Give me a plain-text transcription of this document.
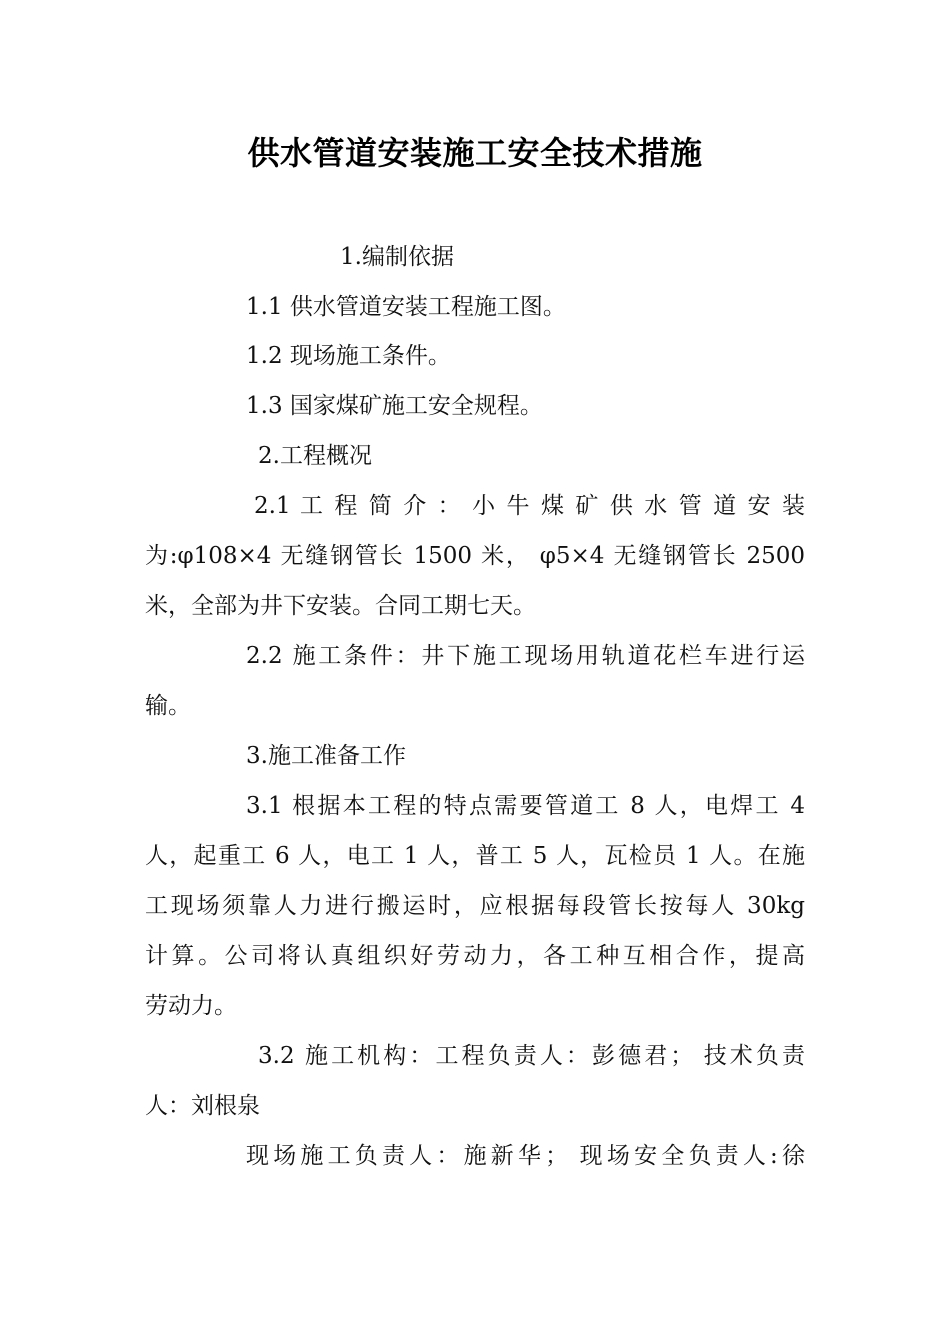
供水管道安装施工安全技术措施
1.编制依据
1.1 供水管道安装工程施工图。
1.2 现场施工条件。
1.3 国家煤矿施工安全规程。
2.工程概况
2.1 工 程 简 介 ： 小 牛 煤 矿 供 水 管 道 安 装
为:φ108×4 无缝钢管长 1500 米， φ5×4 无缝钢管长 2500
米，全部为井下安装。合同工期七天。
2.2 施工条件：井下施工现场用轨道花栏车进行运
输。
3.施工准备工作
3.1 根据本工程的特点需要管道工 8 人，电焊工 4
人，起重工 6 人，电工 1 人，普工 5 人，瓦检员 1 人。在施
工现场须靠人力进行搬运时，应根据每段管长按每人 30kg
计算。公司将认真组织好劳动力，各工种互相合作，提高
劳动力。
3.2 施工机构：工程负责人：彭德君； 技术负责
人：刘根泉
现场施工负责人：施新华； 现场安全负责人:徐
